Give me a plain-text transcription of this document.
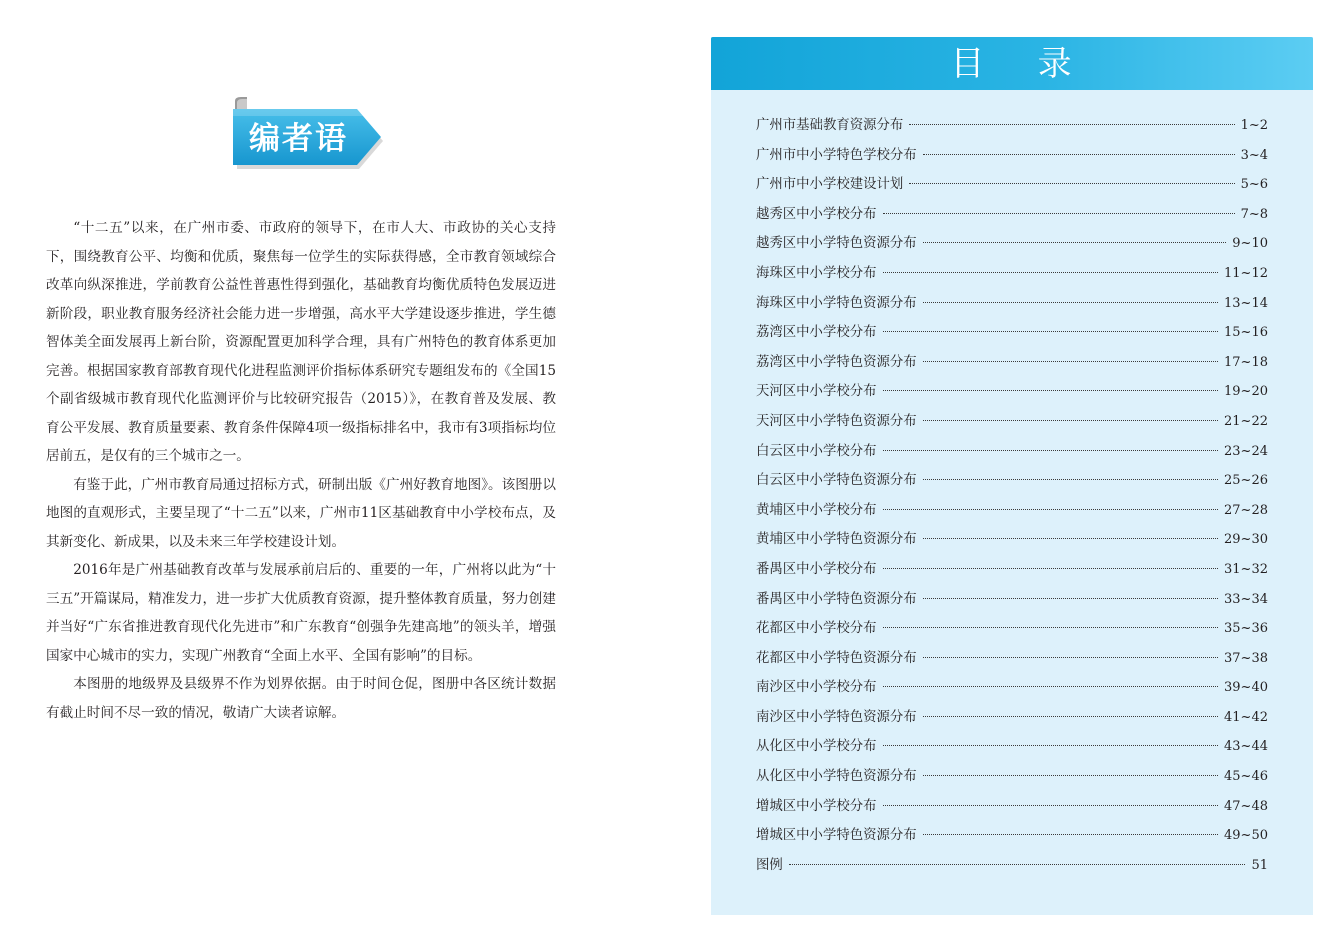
编者语

“十二五”以来，在广州市委、市政府的领导下，在市人大、市政协的关心支持下，围绕教育公平、均衡和优质，聚焦每一位学生的实际获得感，全市教育领域综合改革向纵深推进，学前教育公益性普惠性得到强化，基础教育均衡优质特色发展迈进新阶段，职业教育服务经济社会能力进一步增强，高水平大学建设逐步推进，学生德智体美全面发展再上新台阶，资源配置更加科学合理，具有广州特色的教育体系更加完善。根据国家教育部教育现代化进程监测评价指标体系研究专题组发布的《全国15个副省级城市教育现代化监测评价与比较研究报告（2015）》，在教育普及发展、教育公平发展、教育质量要素、教育条件保障4项一级指标排名中，我市有3项指标均位居前五，是仅有的三个城市之一。

有鉴于此，广州市教育局通过招标方式，研制出版《广州好教育地图》。该图册以地图的直观形式，主要呈现了“十二五”以来，广州市11区基础教育中小学校布点，及其新变化、新成果，以及未来三年学校建设计划。

2016年是广州基础教育改革与发展承前启后的、重要的一年，广州将以此为“十三五”开篇谋局，精准发力，进一步扩大优质教育资源，提升整体教育质量，努力创建并当好“广东省推进教育现代化先进市”和广东教育“创强争先建高地”的领头羊，增强国家中心城市的实力，实现广州教育“全面上水平、全国有影响”的目标。

本图册的地级界及县级界不作为划界依据。由于时间仓促，图册中各区统计数据有截止时间不尽一致的情况，敬请广大读者谅解。

目    录
广州市基础教育资源分布	1~2
广州市中小学特色学校分布	3~4
广州市中小学校建设计划	5~6
越秀区中小学校分布	7~8
越秀区中小学特色资源分布	9~10
海珠区中小学校分布	11~12
海珠区中小学特色资源分布	13~14
荔湾区中小学校分布	15~16
荔湾区中小学特色资源分布	17~18
天河区中小学校分布	19~20
天河区中小学特色资源分布	21~22
白云区中小学校分布	23~24
白云区中小学特色资源分布	25~26
黄埔区中小学校分布	27~28
黄埔区中小学特色资源分布	29~30
番禺区中小学校分布	31~32
番禺区中小学特色资源分布	33~34
花都区中小学校分布	35~36
花都区中小学特色资源分布	37~38
南沙区中小学校分布	39~40
南沙区中小学特色资源分布	41~42
从化区中小学校分布	43~44
从化区中小学特色资源分布	45~46
增城区中小学校分布	47~48
增城区中小学特色资源分布	49~50
图例	51
